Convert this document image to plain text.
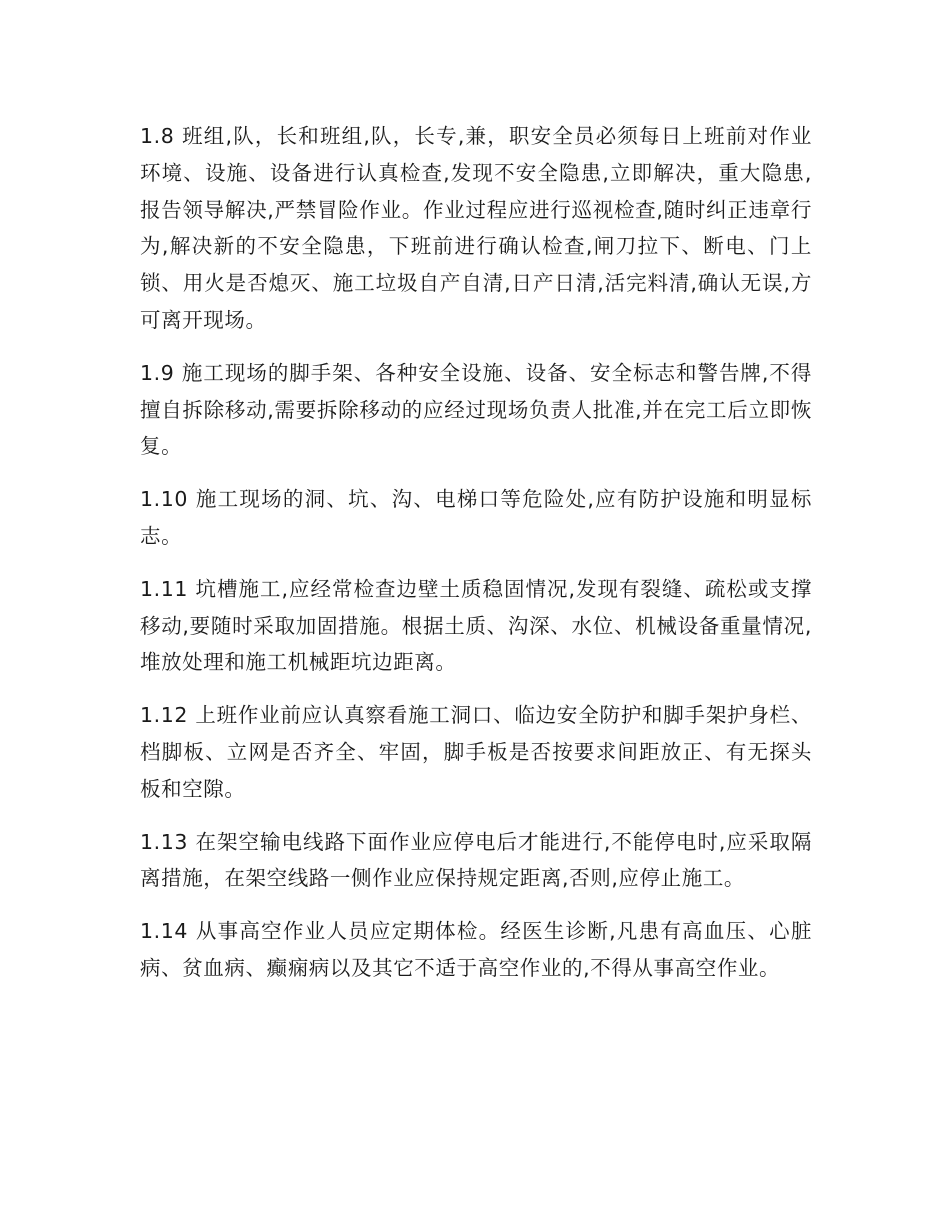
1.8 班组,队，长和班组,队，长专,兼，职安全员必须每日上班前对作业环境、设施、设备进行认真检查,发现不安全隐患,立即解决，重大隐患,报告领导解决,严禁冒险作业。作业过程应进行巡视检查,随时纠正违章行为,解决新的不安全隐患，下班前进行确认检查,闸刀拉下、断电、门上锁、用火是否熄灭、施工垃圾自产自清,日产日清,活完料清,确认无误,方可离开现场。

1.9 施工现场的脚手架、各种安全设施、设备、安全标志和警告牌,不得擅自拆除移动,需要拆除移动的应经过现场负责人批准,并在完工后立即恢复。

1.10 施工现场的洞、坑、沟、电梯口等危险处,应有防护设施和明显标志。

1.11 坑槽施工,应经常检查边壁土质稳固情况,发现有裂缝、疏松或支撑移动,要随时采取加固措施。根据土质、沟深、水位、机械设备重量情况,堆放处理和施工机械距坑边距离。

1.12 上班作业前应认真察看施工洞口、临边安全防护和脚手架护身栏、档脚板、立网是否齐全、牢固，脚手板是否按要求间距放正、有无探头板和空隙。

1.13 在架空输电线路下面作业应停电后才能进行,不能停电时,应采取隔离措施，在架空线路一侧作业应保持规定距离,否则,应停止施工。

1.14 从事高空作业人员应定期体检。经医生诊断,凡患有高血压、心脏病、贫血病、癫痫病以及其它不适于高空作业的,不得从事高空作业。
